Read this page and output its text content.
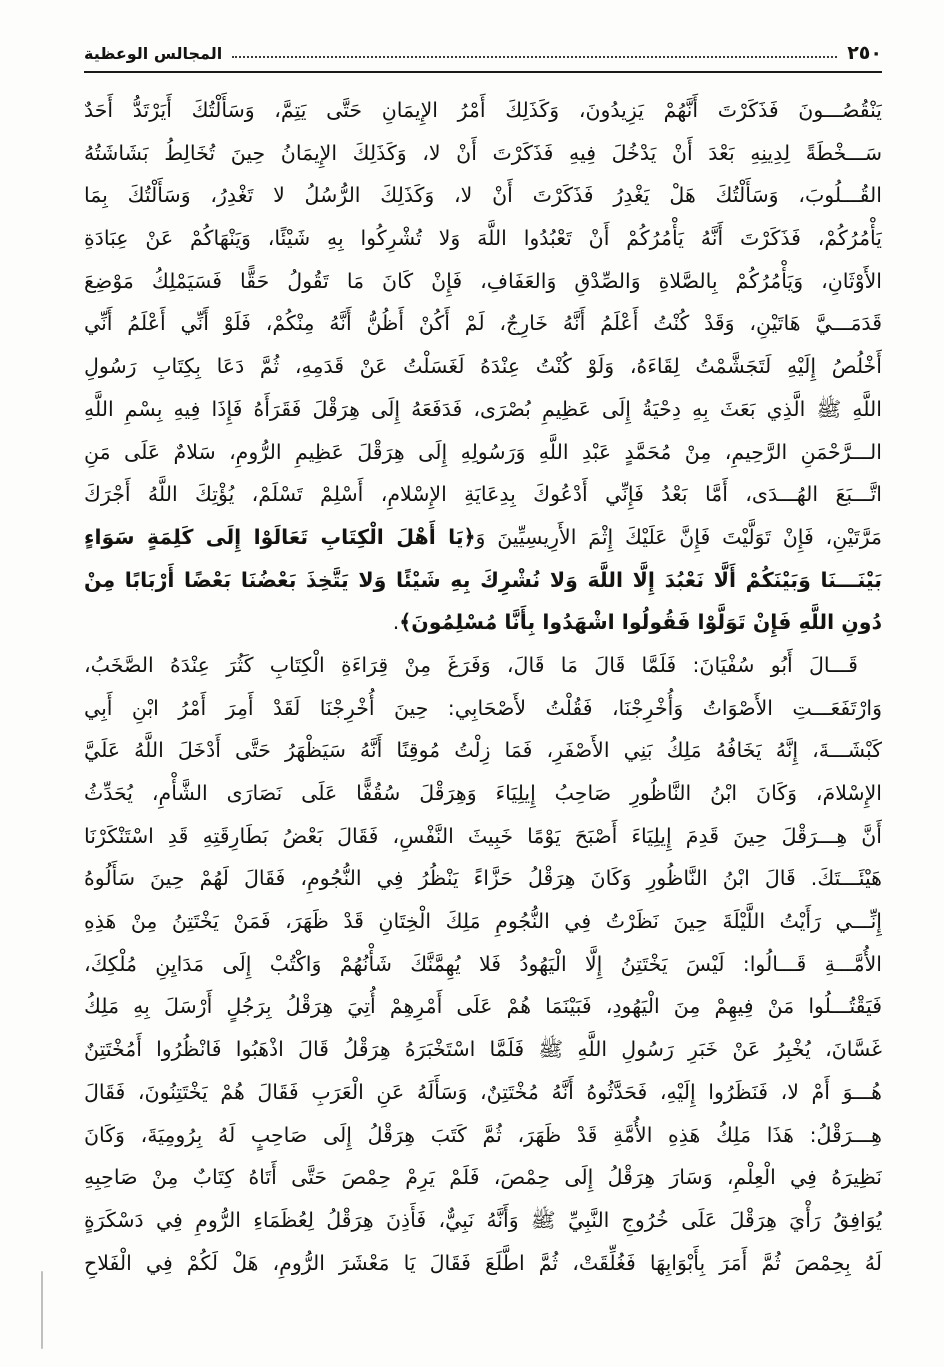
٢٥٠
المجالس الوعظية
يَنْقُصُـــونَ فَذَكَرْتَ أَنَّهُمْ يَزِيدُونَ، وَكَذَلِكَ أَمْرُ الإِيمَانِ حَتَّى يَتِمَّ، وَسَأَلْتُكَ أَيَرْتَدُّ أَحَدٌ
سَـــخْطَةً لِدِينِهِ بَعْدَ أَنْ يَدْخُلَ فِيهِ فَذَكَرْتَ أَنْ لا، وَكَذَلِكَ الإِيمَانُ حِينَ تُخَالِطُ بَشَاشَتُهُ
القُـــلُوبَ، وَسَأَلْتُكَ هَلْ يَغْدِرُ فَذَكَرْتَ أَنْ لا، وَكَذَلِكَ الرُّسُلُ لا تَغْدِرُ، وَسَأَلْتُكَ بِمَا
يَأْمُرُكُمْ، فَذَكَرْتَ أَنَّهُ يَأْمُرُكُمْ أَنْ تَعْبُدُوا اللَّهَ وَلا تُشْرِكُوا بِهِ شَيْئًا، وَيَنْهَاكُمْ عَنْ عِبَادَةِ
الأَوْثَانِ، وَيَأْمُرُكُمْ بِالصَّلاةِ وَالصِّدْقِ وَالعَفَافِ، فَإِنْ كَانَ مَا تَقُولُ حَقًّا فَسَيَمْلِكُ مَوْضِعَ
قَدَمَـــيَّ هَاتَيْنِ، وَقَدْ كُنْتُ أَعْلَمُ أَنَّهُ خَارِجٌ، لَمْ أَكُنْ أَظُنُّ أَنَّهُ مِنْكُمْ، فَلَوْ أَنِّي أَعْلَمُ أَنِّي
أَخْلُصُ إِلَيْهِ لَتَجَشَّمْتُ لِقَاءَهُ، وَلَوْ كُنْتُ عِنْدَهُ لَغَسَلْتُ عَنْ قَدَمِهِ، ثُمَّ دَعَا بِكِتَابِ رَسُولِ
اللَّهِ ﷺ الَّذِي بَعَثَ بِهِ دِحْيَةُ إِلَى عَظِيمِ بُصْرَى، فَدَفَعَهُ إِلَى هِرَقْلَ فَقَرَأَهُ فَإِذَا فِيهِ بِسْمِ اللَّهِ
الـــرَّحْمَنِ الرَّحِيمِ، مِنْ مُحَمَّدٍ عَبْدِ اللَّهِ وَرَسُولِهِ إِلَى هِرَقْلَ عَظِيمِ الرُّومِ، سَلامٌ عَلَى مَنِ
اتَّـــبَعَ الهُـــدَى، أَمَّا بَعْدُ فَإِنِّي أَدْعُوكَ بِدِعَايَةِ الإِسْلامِ، أَسْلِمْ تَسْلَمْ، يُؤْتِكَ اللَّهُ أَجْرَكَ
مَرَّتَيْنِ، فَإِنْ تَوَلَّيْتَ فَإِنَّ عَلَيْكَ إِثْمَ الأَرِيسِيِّينَ وَ﴿يَا أَهْلَ الْكِتَابِ تَعَالَوْا إِلَى كَلِمَةٍ سَوَاءٍ
بَيْنَـــنَا وَبَيْنَكُمْ أَلَّا نَعْبُدَ إِلَّا اللَّهَ وَلا نُشْرِكَ بِهِ شَيْئًا وَلا يَتَّخِذَ بَعْضُنَا بَعْضًا أَرْبَابًا مِنْ
دُونِ اللَّهِ فَإِنْ تَوَلَّوْا فَقُولُوا اشْهَدُوا بِأَنَّا مُسْلِمُونَ﴾.
قَـــالَ أَبُو سُفْيَانَ: فَلَمَّا قَالَ مَا قَالَ، وَفَرَغَ مِنْ قِرَاءَةِ الْكِتَابِ كَثُرَ عِنْدَهُ الصَّخَبُ،
وَارْتَفَعَـــتِ الأَصْوَاتُ وَأُخْرِجْنَا، فَقُلْتُ لأَصْحَابِي: حِينَ أُخْرِجْنَا لَقَدْ أَمِرَ أَمْرُ ابْنِ أَبِي
كَبْشَـــةَ، إِنَّهُ يَخَافُهُ مَلِكُ بَنِي الأَصْفَرِ، فَمَا زِلْتُ مُوقِنًا أَنَّهُ سَيَظْهَرُ حَتَّى أَدْخَلَ اللَّهُ عَلَيَّ
الإِسْلامَ، وَكَانَ ابْنُ النَّاظُورِ صَاحِبُ إِيلِيَاءَ وَهِرَقْلَ سُقُفًّا عَلَى نَصَارَى الشَّأْمِ، يُحَدِّثُ
أَنَّ هِـــرَقْلَ حِينَ قَدِمَ إِيلِيَاءَ أَصْبَحَ يَوْمًا خَبِيثَ النَّفْسِ، فَقَالَ بَعْضُ بَطَارِقَتِهِ قَدِ اسْتَنْكَرْنَا
هَيْئَـــتَكَ. قَالَ ابْنُ النَّاظُورِ وَكَانَ هِرَقْلُ حَزَّاءً يَنْظُرُ فِي النُّجُومِ، فَقَالَ لَهُمْ حِينَ سَأَلُوهُ
إِنِّـــي رَأَيْتُ اللَّيْلَةَ حِينَ نَظَرْتُ فِي النُّجُومِ مَلِكَ الْخِتَانِ قَدْ ظَهَرَ، فَمَنْ يَخْتَتِنُ مِنْ هَذِهِ
الأُمَّـــةِ قَـــالُوا: لَيْسَ يَخْتَتِنُ إِلَّا الْيَهُودُ فَلا يُهِمَّنَّكَ شَأْنُهُمْ وَاكْتُبْ إِلَى مَدَايِنِ مُلْكِكَ،
فَيَقْتُـــلُوا مَنْ فِيهِمْ مِنَ الْيَهُودِ، فَبَيْنَمَا هُمْ عَلَى أَمْرِهِمْ أُتِيَ هِرَقْلُ بِرَجُلٍ أَرْسَلَ بِهِ مَلِكُ
غَسَّانَ، يُخْبِرُ عَنْ خَبَرِ رَسُولِ اللَّهِ ﷺ فَلَمَّا اسْتَخْبَرَهُ هِرَقْلُ قَالَ اذْهَبُوا فَانْظُرُوا أَمُخْتَتِنٌ
هُـــوَ أَمْ لا، فَنَظَرُوا إِلَيْهِ، فَحَدَّثُوهُ أَنَّهُ مُخْتَتِنٌ، وَسَأَلَهُ عَنِ الْعَرَبِ فَقَالَ هُمْ يَخْتَتِنُونَ، فَقَالَ
هِـــرَقْلُ: هَذَا مَلِكُ هَذِهِ الأُمَّةِ قَدْ ظَهَرَ، ثُمَّ كَتَبَ هِرَقْلُ إِلَى صَاحِبٍ لَهُ بِرُومِيَةَ، وَكَانَ
نَظِيرَهُ فِي الْعِلْمِ، وَسَارَ هِرَقْلُ إِلَى حِمْصَ، فَلَمْ يَرِمْ حِمْصَ حَتَّى أَتَاهُ كِتَابٌ مِنْ صَاحِبِهِ
يُوَافِقُ رَأْيَ هِرَقْلَ عَلَى خُرُوجِ النَّبِيِّ ﷺ وَأَنَّهُ نَبِيٌّ، فَأَذِنَ هِرَقْلُ لِعُظَمَاءِ الرُّومِ فِي دَسْكَرَةٍ
لَهُ بِحِمْصَ ثُمَّ أَمَرَ بِأَبْوَابِهَا فَغُلِّقَتْ، ثُمَّ اطَّلَعَ فَقَالَ يَا مَعْشَرَ الرُّومِ، هَلْ لَكُمْ فِي الْفَلاحِ
